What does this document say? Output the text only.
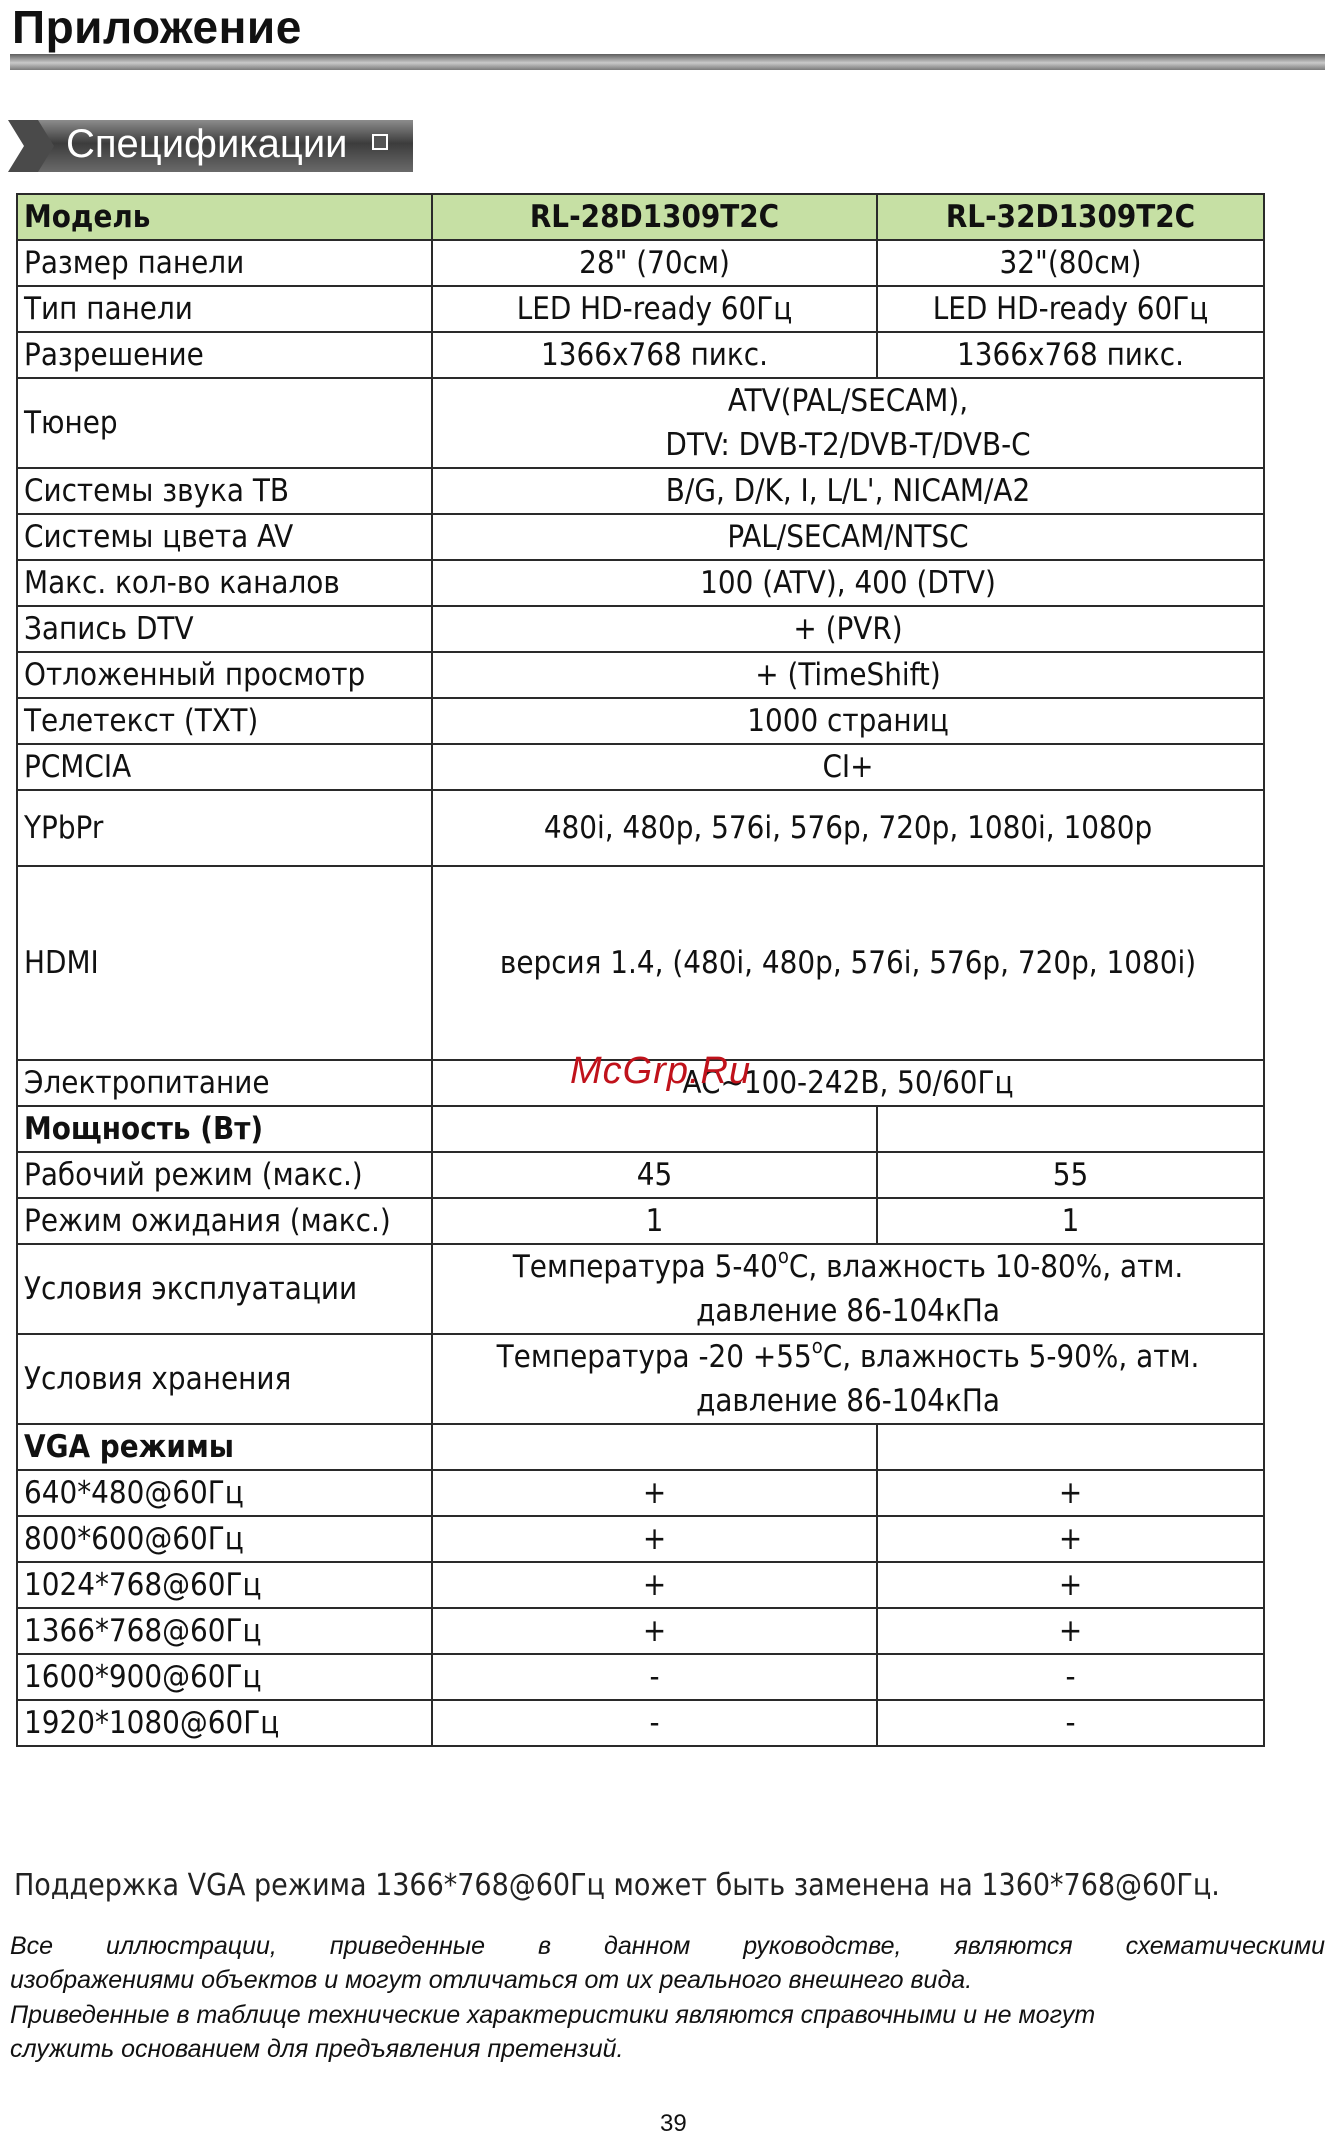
Приложение
Спецификации
Модель	RL-28D1309T2C	RL-32D1309T2C
Размер панели	28" (70см)	32"(80см)
Тип панели	LED HD-ready 60Гц	LED HD-ready 60Гц
Разрешение	1366x768 пикс.	1366x768 пикс.
Тюнер	ATV(PAL/SECAM),
DTV: DVB-T2/DVB-T/DVB-C	

Системы звука ТВ	B/G, D/K, I, L/L', NICAM/A2	
Системы цвета AV	PAL/SECAM/NTSC	
Макс. кол-во каналов	100 (ATV), 400 (DTV)	
Запись DTV	+ (PVR)	
Отложенный просмотр	+ (TimeShift)	
Телетекст (TXT)	1000 страниц	
PCMCIA	CI+	
YPbPr	480i, 480p, 576i, 576p, 720p, 1080i, 1080p	
HDMI	версия 1.4, (480i, 480p, 576i, 576p, 720p, 1080i)	
Электропитание	AC~100-242В, 50/60Гц	
Мощность (Вт)		
Рабочий режим (макс.)	45	55
Режим ожидания (макс.)	1	1
Условия эксплуатации	Температура 5-40$^o$C, влажность 10-80%, атм.
давление 86-104кПа	

Условия хранения	Температура $-20 +55^oC$, влажность 5-90%, атм.
давление 86-104кПа	

VGA режимы		
640*480@60Гц	+	+
800*600@60Гц	+	+
1024*768@60Гц	+	+
1366*768@60Гц	+	+
1600*900@60Гц	-	-
1920*1080@60Гц	-	-
McGrp.Ru
Поддержка VGA режима 1366*768@60Гц может быть заменена на 1360*768@60Гц.
Все иллюстрации, приведенные в данном руководстве, являются схематическими
изображениями объектов и могут отличаться от их реального внешнего вида.
Приведенные в таблице технические характеристики являются справочными и не могут
служить основанием для предъявления претензий.
39
